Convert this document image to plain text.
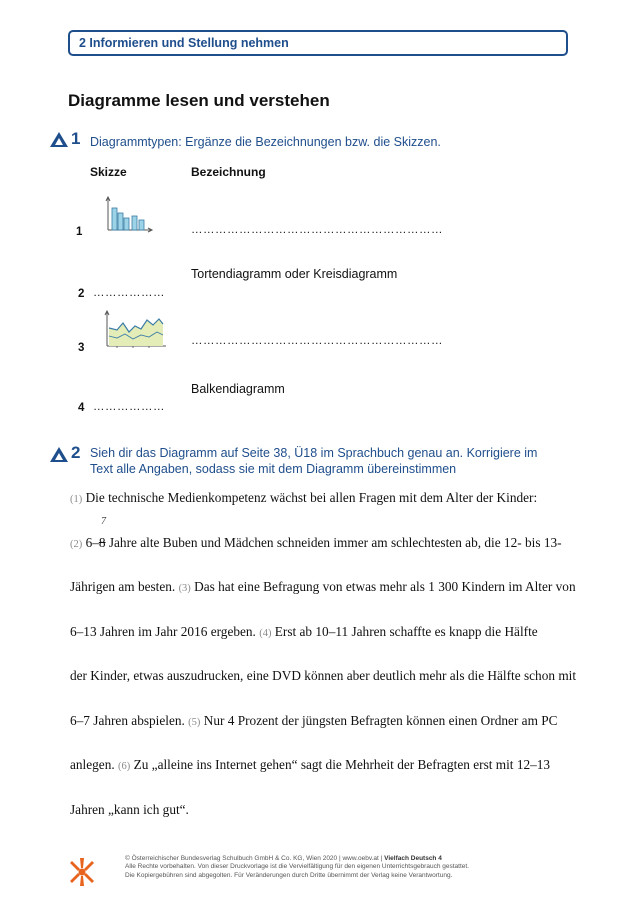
2 Informieren und Stellung nehmen
Diagramme lesen und verstehen
1 Diagrammtypen: Ergänze die Bezeichnungen bzw. die Skizzen.
Skizze	Bezeichnung
1	………………………………………………………
Tortendiagramm oder Kreisdiagramm
2 ………………
3
………………………………………………………
Balkendiagramm
4 ………………
2 Sieh dir das Diagramm auf Seite 38, Ü18 im Sprachbuch genau an. Korrigiere im
Text alle Angaben, sodass sie mit dem Diagramm übereinstimmen
7
(1) Die technische Medienkompetenz wächst bei allen Fragen mit dem Alter der Kinder:
(2) 6–8 Jahre alte Buben und Mädchen schneiden immer am schlechtesten ab, die 12- bis 13-
Jährigen am besten. (3) Das hat eine Befragung von etwas mehr als 1 300 Kindern im Alter von
6–13 Jahren im Jahr 2016 ergeben. (4) Erst ab 10–11 Jahren schaffte es knapp die Hälfte
der Kinder, etwas auszudrucken, eine DVD können aber deutlich mehr als die Hälfte schon mit
6–7 Jahren abspielen. (5) Nur 4 Prozent der jüngsten Befragten können einen Ordner am PC
anlegen. (6) Zu „alleine ins Internet gehen“ sagt die Mehrheit der Befragten erst mit 12–13
Jahren „kann ich gut“.
© Österreichischer Bundesverlag Schulbuch GmbH & Co. KG, Wien 2020 | www.oebv.at | Vielfach Deutsch 4
Alle Rechte vorbehalten. Von dieser Druckvorlage ist die Vervielfältigung für den eigenen Unterrichtsgebrauch gestattet.
Die Kopiergebühren sind abgegolten. Für Veränderungen durch Dritte übernimmt der Verlag keine Verantwortung.
